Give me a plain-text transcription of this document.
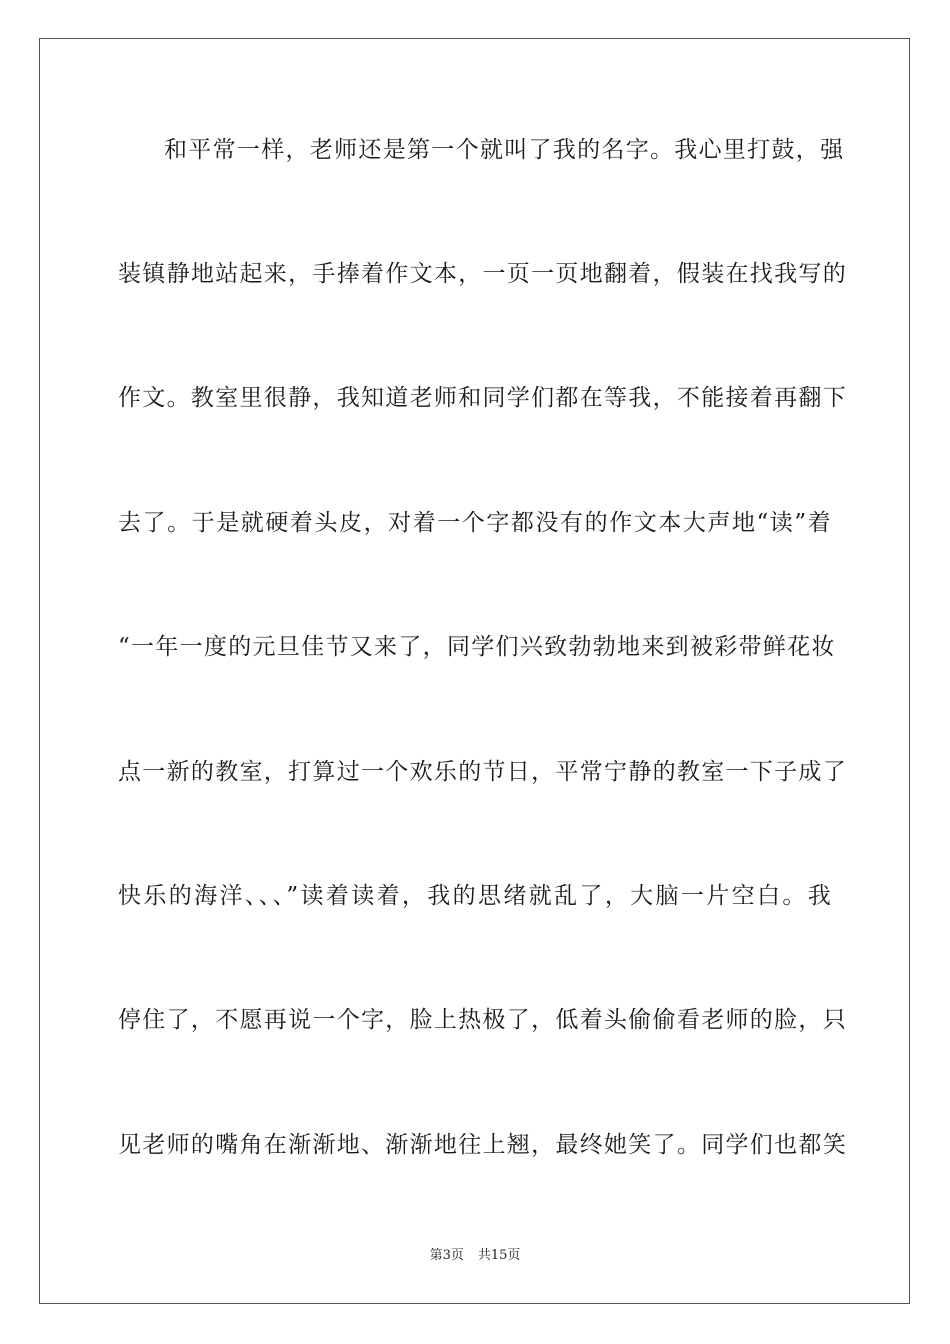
和平常一样，老师还是第一个就叫了我的名字。我心里打鼓，强
装镇静地站起来，手捧着作文本，一页一页地翻着，假装在找我写的
作文。教室里很静，我知道老师和同学们都在等我，不能接着再翻下
去了。于是就硬着头皮，对着一个字都没有的作文本大声地“读”着
“一年一度的元旦佳节又来了，同学们兴致勃勃地来到被彩带鲜花妆
点一新的教室，打算过一个欢乐的节日，平常宁静的教室一下子成了
快乐的海洋、、、”读着读着，我的思绪就乱了，大脑一片空白。我
停住了，不愿再说一个字，脸上热极了，低着头偷偷看老师的脸，只
见老师的嘴角在渐渐地、渐渐地往上翘，最终她笑了。同学们也都笑
第3页 共15页
